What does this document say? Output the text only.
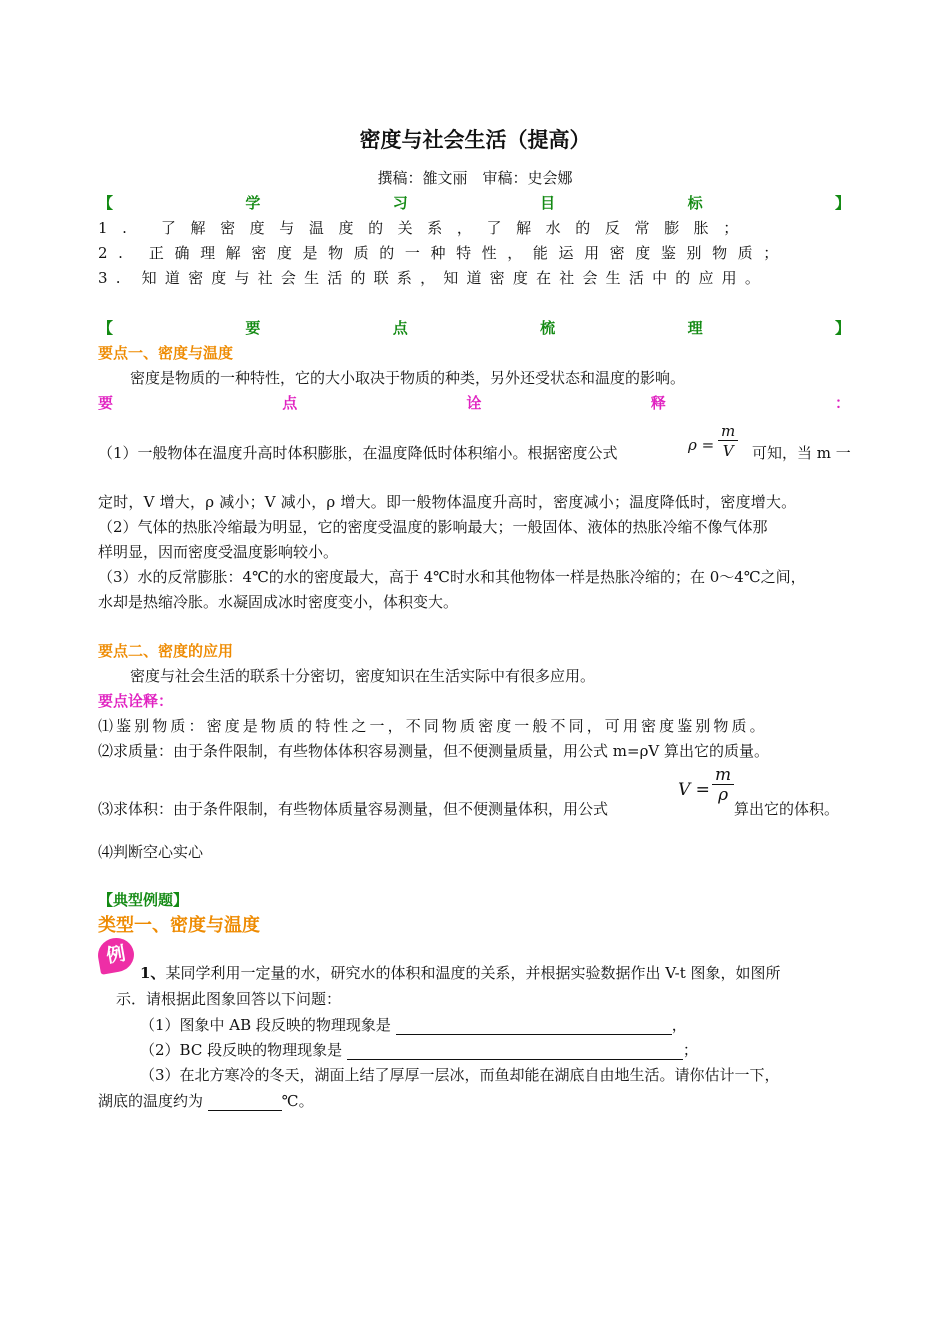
密度与社会生活（提高）
撰稿：雒文丽　审稿：史会娜
【	学	习	目	标	】
1. 了解密度与温度的关系，了解水的反常膨胀；
2. 正确理解密度是物质的一种特性，能运用密度鉴别物质；
3. 知道密度与社会生活的联系，知道密度在社会生活中的应用。
【	要	点	梳	理	】
要点一、密度与温度
密度是物质的一种特性，它的大小取决于物质的种类，另外还受状态和温度的影响。
要	点	诠	释	：
（1）一般物体在温度升高时体积膨胀，在温度降低时体积缩小。根据密度公式	$\rho = \frac{m}{V}$ 可知，当 m 一
定时，V 增大，ρ 减小；V 减小，ρ 增大。即一般物体温度升高时，密度减小；温度降低时，密度增大。
（2）气体的热胀冷缩最为明显，它的密度受温度的影响最大；一般固体、液体的热胀冷缩不像气体那
样明显，因而密度受温度影响较小。
（3）水的反常膨胀：4℃的水的密度最大，高于 4℃时水和其他物体一样是热胀冷缩的；在 0～4℃之间，
水却是热缩冷胀。水凝固成冰时密度变小，体积变大。
要点二、密度的应用
密度与社会生活的联系十分密切，密度知识在生活实际中有很多应用。
要点诠释：
⑴鉴别物质：密度是物质的特性之一，不同物质密度一般不同，可用密度鉴别物质。
⑵求质量：由于条件限制，有些物体体积容易测量，但不便测量质量，用公式 m=ρV 算出它的质量。
⑶求体积：由于条件限制，有些物体质量容易测量，但不便测量体积，用公式
$V = \frac{m}{\rho}$
算出它的体积。
⑷判断空心实心
【典型例题】
类型一、密度与温度
例
1、某同学利用一定量的水，研究水的体积和温度的关系，并根据实验数据作出 V-t 图象，如图所
示．请根据此图象回答以下问题：
（1）图象中 AB 段反映的物理现象是	，
（2）BC 段反映的物理现象是	；
（3）在北方寒冷的冬天，湖面上结了厚厚一层冰，而鱼却能在湖底自由地生活。请你估计一下，
湖底的温度约为	℃。
